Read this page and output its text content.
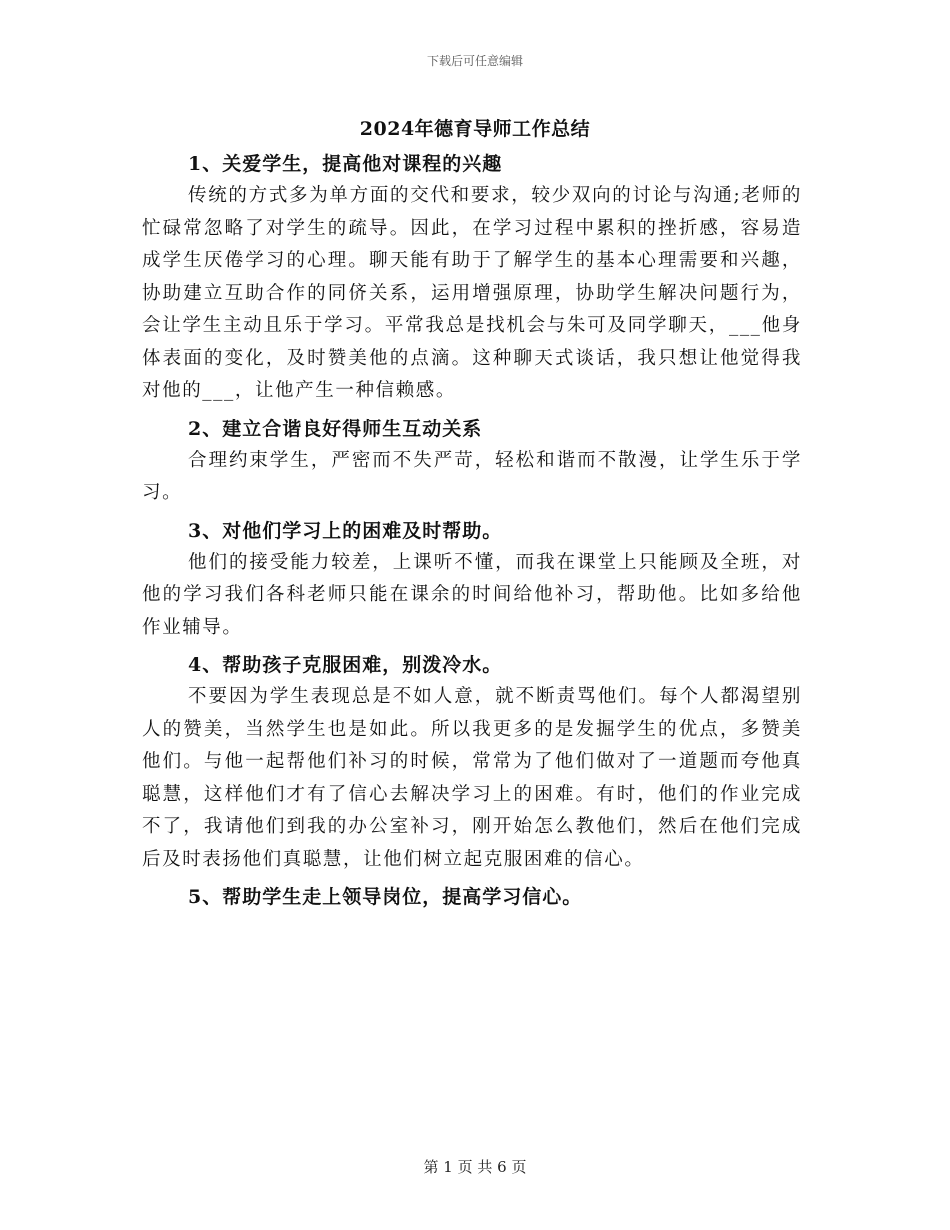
下载后可任意编辑
2024年德育导师工作总结

1、关爱学生，提高他对课程的兴趣

传统的方式多为单方面的交代和要求，较少双向的讨论与沟通;老师的忙碌常忽略了对学生的疏导。因此，在学习过程中累积的挫折感，容易造成学生厌倦学习的心理。聊天能有助于了解学生的基本心理需要和兴趣，协助建立互助合作的同侪关系，运用增强原理，协助学生解决问题行为，会让学生主动且乐于学习。平常我总是找机会与朱可及同学聊天，___他身体表面的变化，及时赞美他的点滴。这种聊天式谈话，我只想让他觉得我对他的___，让他产生一种信赖感。

2、建立合谐良好得师生互动关系

合理约束学生，严密而不失严苛，轻松和谐而不散漫，让学生乐于学习。

3、对他们学习上的困难及时帮助。

他们的接受能力较差，上课听不懂，而我在课堂上只能顾及全班，对他的学习我们各科老师只能在课余的时间给他补习，帮助他。比如多给他作业辅导。

4、帮助孩子克服困难，别泼冷水。

不要因为学生表现总是不如人意，就不断责骂他们。每个人都渴望别人的赞美，当然学生也是如此。所以我更多的是发掘学生的优点，多赞美他们。与他一起帮他们补习的时候，常常为了他们做对了一道题而夸他真聪慧，这样他们才有了信心去解决学习上的困难。有时，他们的作业完成不了，我请他们到我的办公室补习，刚开始怎么教他们，然后在他们完成后及时表扬他们真聪慧，让他们树立起克服困难的信心。

5、帮助学生走上领导岗位，提高学习信心。

第 1 页 共 6 页
